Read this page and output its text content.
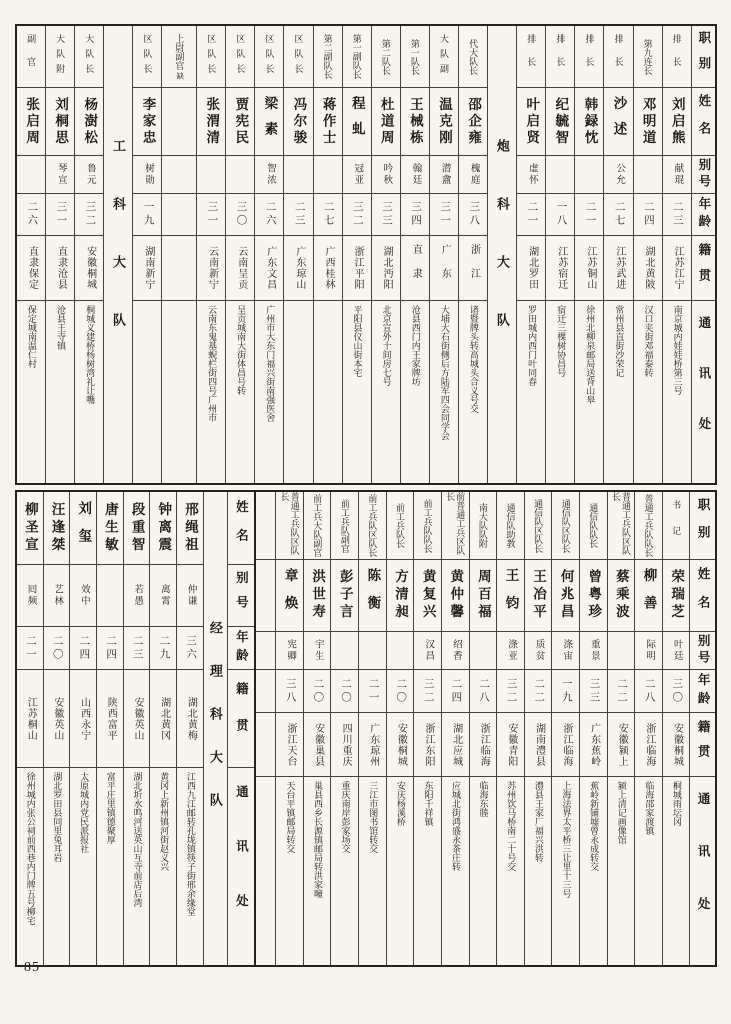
副官
张启周
二六
直隶保定
保定城南温仁村
大队附
刘桐思
琴宣
三一
直隶沧县
沧县王寺镇
大队长
杨澍松
鲁元
三二
安徽桐城
桐城义建桥杨树湾礼让嘴 工科大队
区队长
李家忠
树勋
一九
湖南新宁
上尉副官
缺 区队长
张渭清
三一
云南新宁
云南东鬼基蜺栏街四号广州市
区队长
贾宪民
三〇
云南呈贡
呈贡城南大街体昌号转
区队长
梁素
智浓
二六
广东文昌
广州市大东门福兴街南强医舍
区队长
冯尔骏
二三
广东琼山
第二副队长
蒋作士
二七
广西桂林
第一副队长
程虬
冠亚
三二
浙江平阳
平阳县仪山街本宅
第二队长
杜道周
吟秋
三三
湖北沔阳
北京宣外十间房七号
第一队长
王械栋
翰廷
三四
直隶
沧县西门内王家牌坊
大队副
温克刚
潜盦
三一
广东
大埔大石街侧后方陆军四会同学会
代大队长
邵企雍
槐庭
三八
浙江
诸暨牌头转高城头合义号交 炮科大队
排长
叶启贤
虚怀
二一
湖北罗田
罗田城内西门叶同春
排长
纪毓智
一八
江苏宿迁
宿迁三棵树协昌号
排长
韩録忱
二一
江苏铜山
徐州北柳泉邮局送背山皋
排长
沙述
公允
二七
江苏武进
常州县直街沙荣记
第九连长
邓明道
二四
湖北黄陂
汉口夹街邓福泰转
排长
刘启熊
献琨
二三
江苏江宁
南京城内娃娃桥第三号
职别
姓名
别号
年龄
籍贯
通讯处
柳圣宣
囘频
二一
江苏桐山
徐州城内张公祠前西巷内门牌五号柳宅
汪逢桀
艺林
二〇
安徽英山
湖北罗田县同里兔耳岩
刘玺
效中
二四
山西永宁
太原城内党民派报社
唐生敏
二四
陕西富平
富平庄里镇德聚厚
段重智
若愚
二三
安徽英山
湖北圻水鸣河送英山互寺前店后湾
钟离震
离霄
二九
湖北黄冈
黄冈上新州镇河街赵义兴
邢绳祖
仲谦
三六
湖北黄梅
江西九江邮转孔垅镇筷子街邢余缘堂
经理科大队
姓名
别号
年龄
籍贯
通讯处
普通工兵队区队长
章焕
宪卿
三八
浙江天台
天台平镇邮局转交
前工兵大队副官
洪世寿
宇生
二〇
安徽巢县
巢县西乡长源镇邮局转洪家疃
前工兵队副官
彭子言
二〇
四川重庆
重庆南岸彭家场交
前工兵队区队长
陈衡
二一
广东琼州
三江市图书馆转交
前工兵队长
方清昶
二〇
安徽桐城
安庆杨溪桥
前工兵队队长
黄复兴
汉昌
三二
浙江东阳
东阳千祥镇
前普通工兵区队长
黄仲馨
绍香
二四
湖北应城
应城北街鸿盛永茶庄转
南大队队附
周百福
二八
浙江临海
临海东塍
通信队助教
王钧
涤亚
三二
安徽青阳
苏州饮马桥南二十号交
通信队区队长
王冶平
质贫
二二
湖南澧县
澧县王家厂福兴洪转
通信队区队长
何兆昌
涤宙
一九
浙江临海
上海法界太平桥三让里十三号
通信队队长
曾粤珍
重景
三三
广东蕉岭
蕉岭新铺墟曾永成转交
普通工兵队区队长
蔡乘波
二二
安徽颍上
颍上清记画像馆
普通工兵队队长
柳善
际明
二八
浙江临海
临海邵家渡镇
书记
荣瑞芝
叶廷
三〇
安徽桐城
桐城雨坛冈
职别
姓名
别号
年龄
籍贯
通讯处
85
